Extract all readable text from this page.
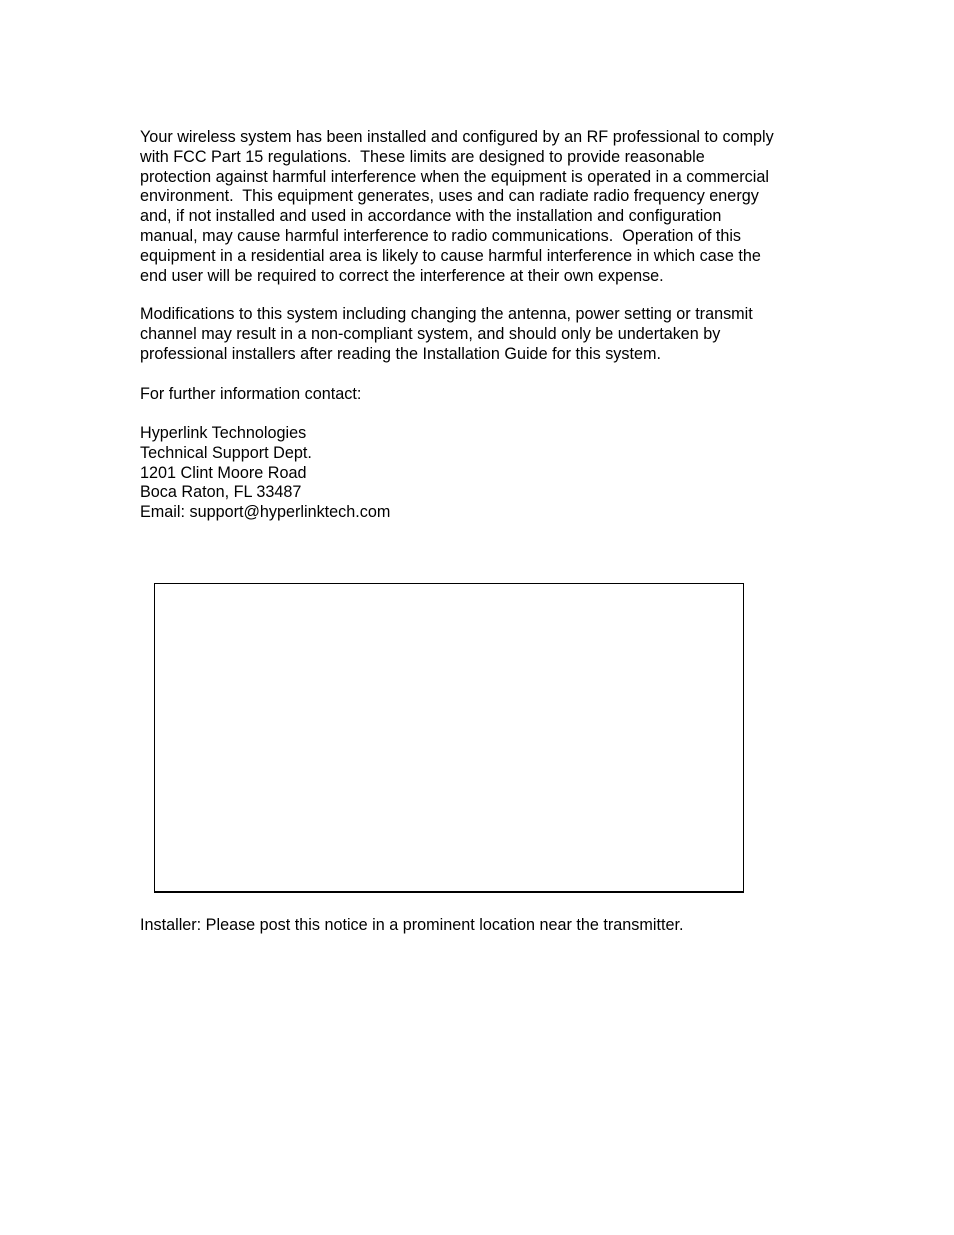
Your wireless system has been installed and configured by an RF professional to comply
with FCC Part 15 regulations.  These limits are designed to provide reasonable
protection against harmful interference when the equipment is operated in a commercial
environment.  This equipment generates, uses and can radiate radio frequency energy
and, if not installed and used in accordance with the installation and configuration
manual, may cause harmful interference to radio communications.  Operation of this
equipment in a residential area is likely to cause harmful interference in which case the
end user will be required to correct the interference at their own expense.

Modifications to this system including changing the antenna, power setting or transmit
channel may result in a non-compliant system, and should only be undertaken by
professional installers after reading the Installation Guide for this system.

For further information contact:

Hyperlink Technologies
Technical Support Dept.
1201 Clint Moore Road
Boca Raton, FL 33487
Email: support@hyperlinktech.com

Installer: Please post this notice in a prominent location near the transmitter.
